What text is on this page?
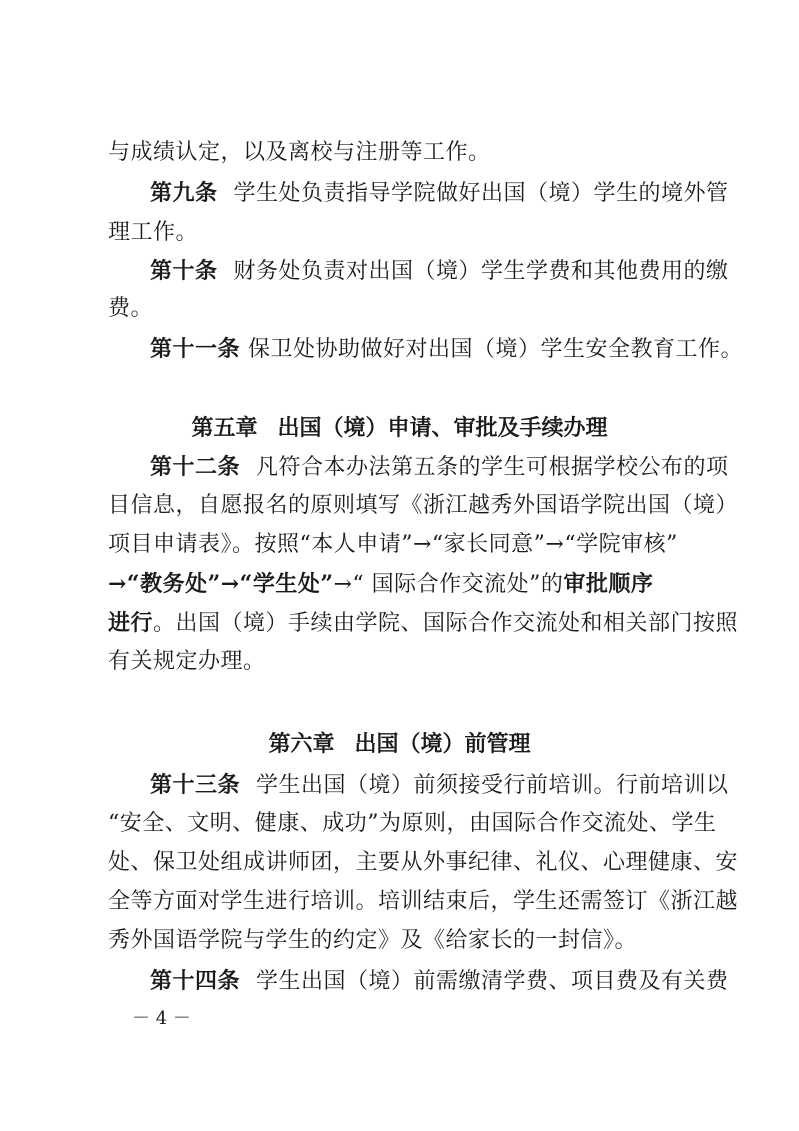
与成绩认定，以及离校与注册等工作。
第九条 学生处负责指导学院做好出国（境）学生的境外管
理工作。
第十条 财务处负责对出国（境）学生学费和其他费用的缴
费。
第十一条 保卫处协助做好对出国（境）学生安全教育工作。
第五章 出国（境）申请、审批及手续办理
第十二条 凡符合本办法第五条的学生可根据学校公布的项
目信息，自愿报名的原则填写《浙江越秀外国语学院出国（境）
项目申请表》。按照“本人申请”→“家长同意”→“学院审核”
→“教务处”→“学生处”→“ 国际合作交流处”的审批顺序
进行。出国（境）手续由学院、国际合作交流处和相关部门按照
有关规定办理。
第六章 出国（境）前管理
第十三条 学生出国（境）前须接受行前培训。行前培训以
“安全、文明、健康、成功”为原则，由国际合作交流处、学生
处、保卫处组成讲师团，主要从外事纪律、礼仪、心理健康、安
全等方面对学生进行培训。培训结束后，学生还需签订《浙江越
秀外国语学院与学生的约定》及《给家长的一封信》。
第十四条 学生出国（境）前需缴清学费、项目费及有关费
－ 4 －
